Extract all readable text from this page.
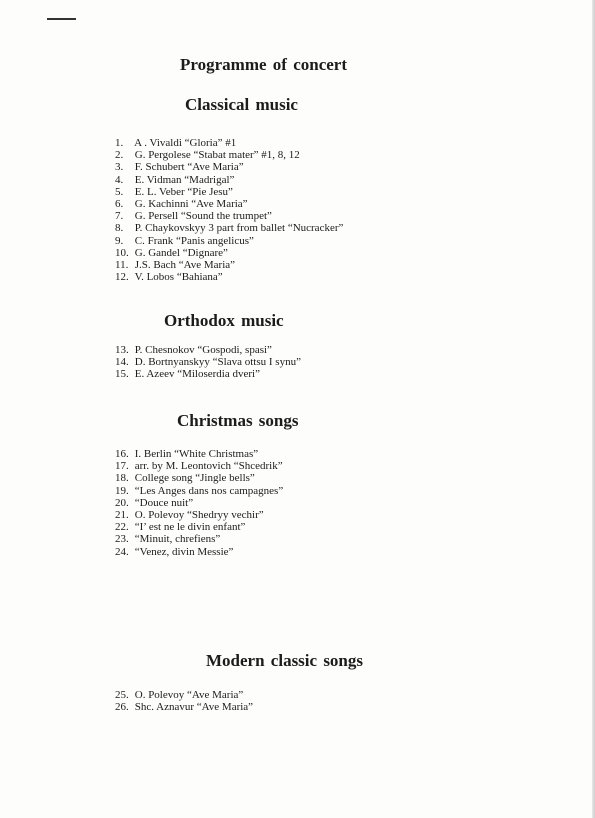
Programme of concert
Classical music
1. A . Vivaldi “Gloria” #1
2. G. Pergolese “Stabat mater” #1, 8, 12
3. F. Schubert “Ave Maria”
4. E. Vidman “Madrigal”
5. E. L. Veber “Pie Jesu”
6. G. Kachinni “Ave Maria”
7. G. Persell “Sound the trumpet”
8. P. Chaykovskyy 3 part from ballet “Nucracker”
9. C. Frank “Panis angelicus”
10. G. Gandel “Dignare”
11. J.S. Bach “Ave Maria”
12. V. Lobos “Bahiana”
Orthodox music
13. P. Chesnokov “Gospodi, spasi”
14. D. Bortnyanskyy “Slava ottsu I synu”
15. E. Azeev “Miloserdia dveri”
Christmas songs
16. I. Berlin “White Christmas”
17. arr. by M. Leontovich “Shcedrik”
18. College song “Jingle bells”
19. “Les Anges dans nos campagnes”
20. “Douce nuit”
21. O. Polevoy “Shedryy vechir”
22. “I’ est ne le divin enfant”
23. “Minuit, chrefiens”
24. “Venez, divin Messie”
Modern classic songs
25. O. Polevoy “Ave Maria”
26. Shc. Aznavur “Ave Maria”
